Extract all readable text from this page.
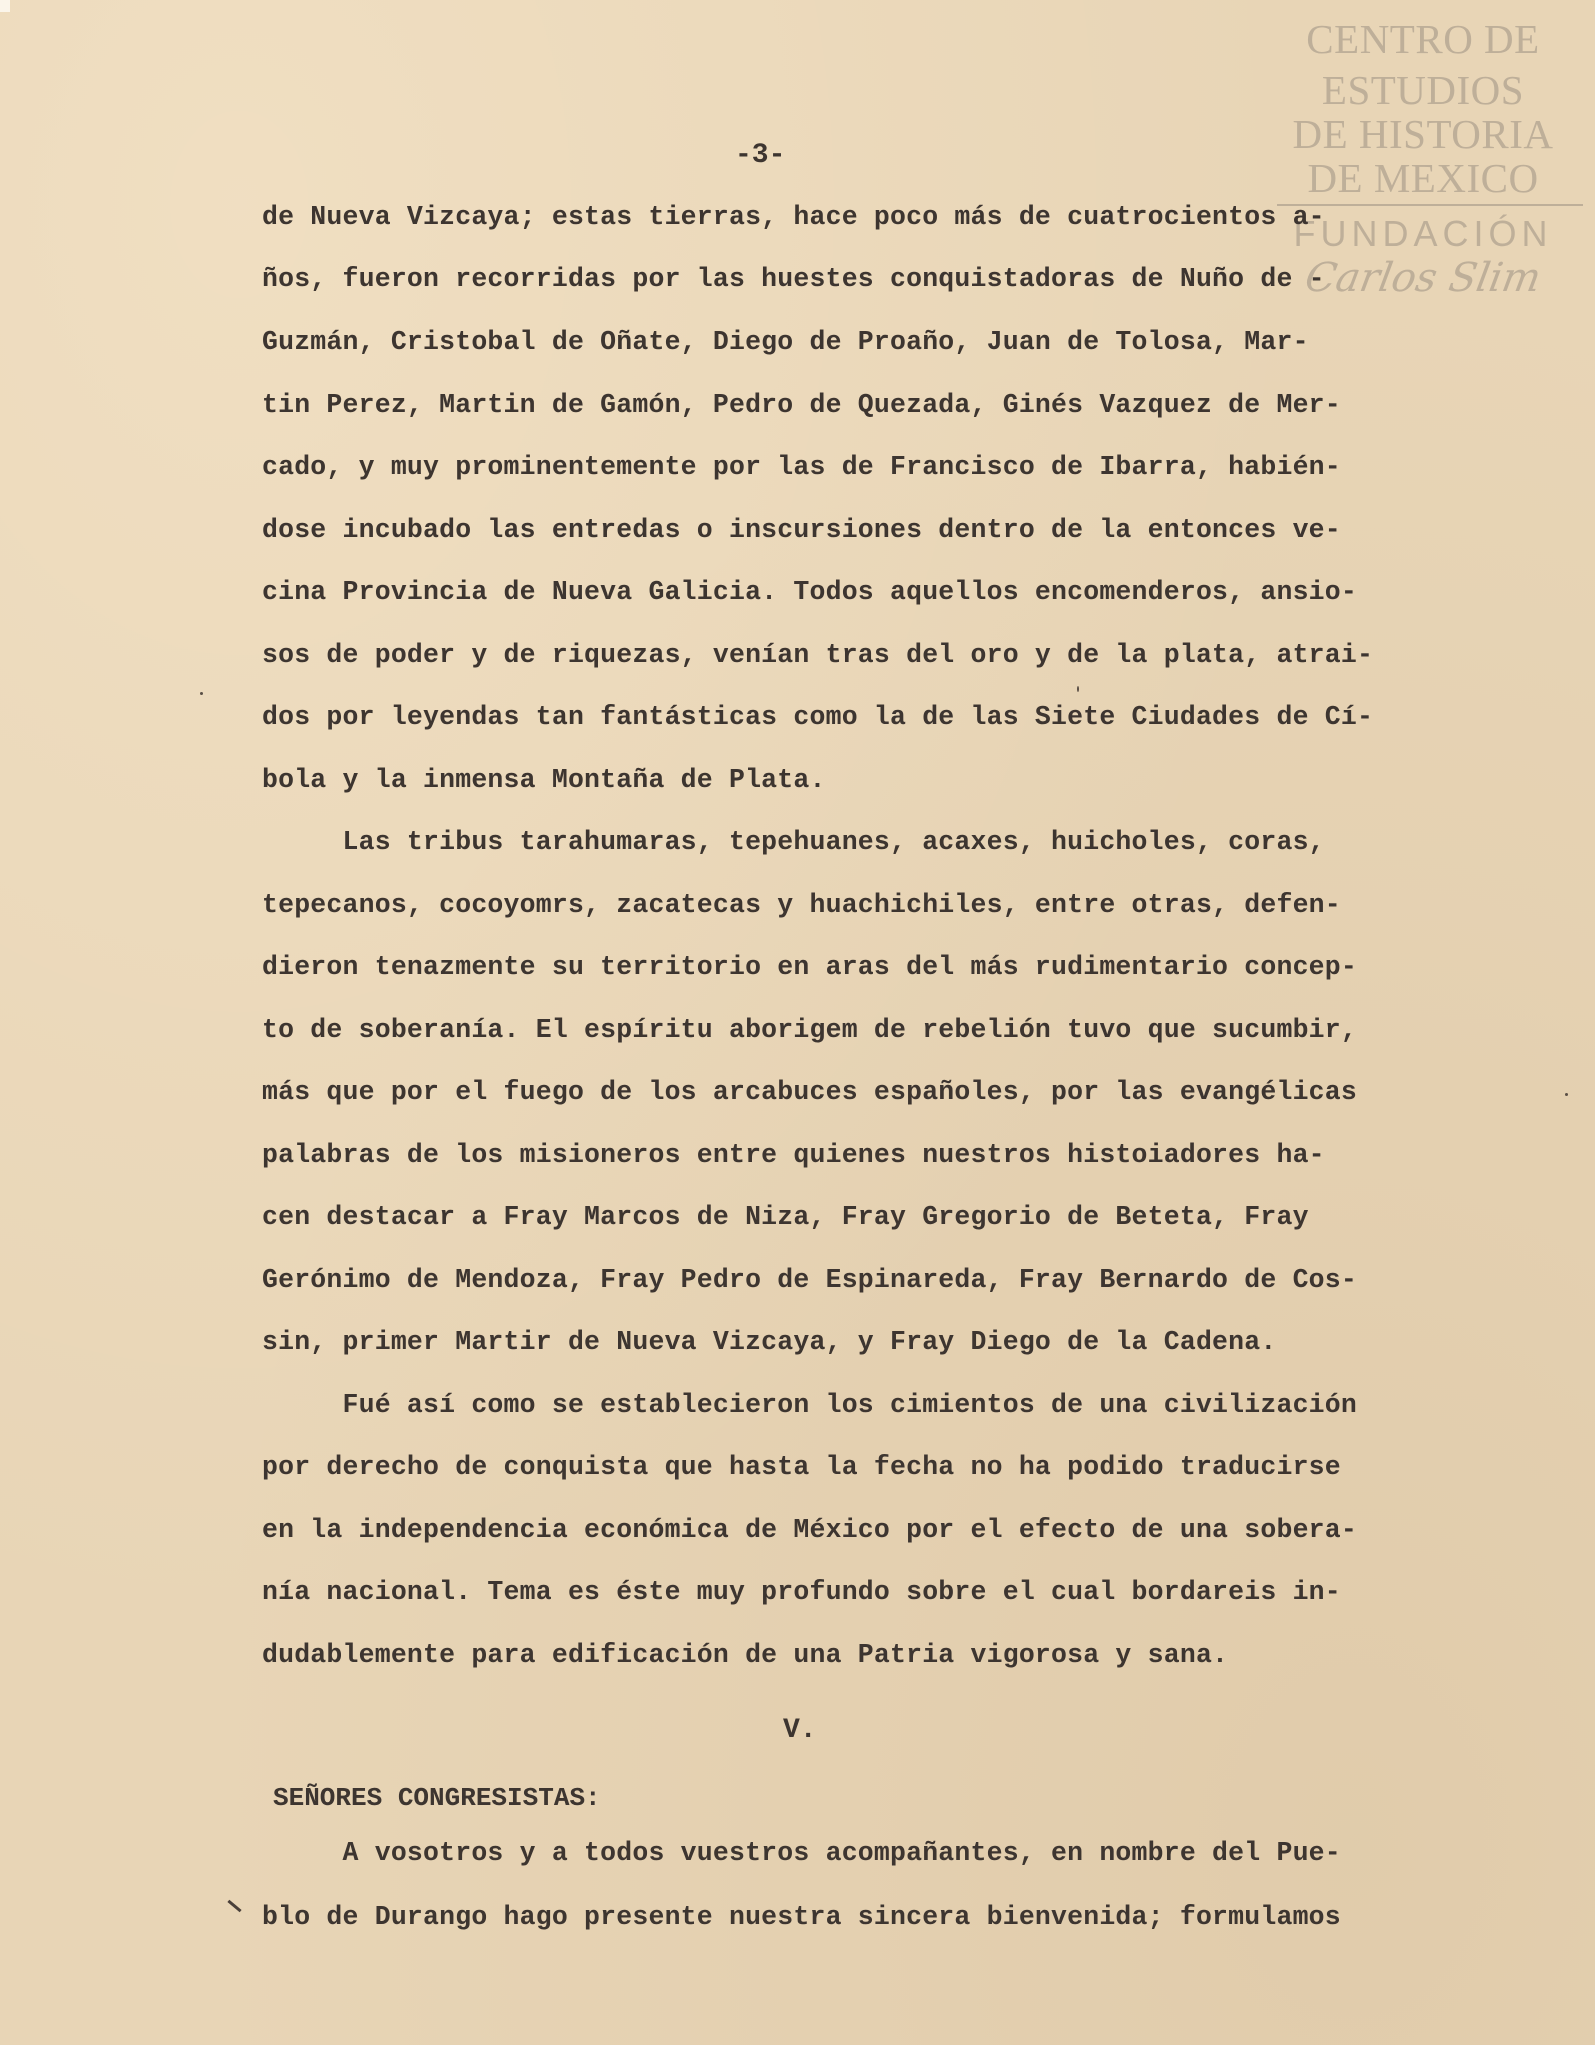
CENTRO DE
ESTUDIOS
DE HISTORIA
DE MEXICO
FUNDACIÓN
Carlos Slim
-3-
de Nueva Vizcaya; estas tierras, hace poco más de cuatrocientos a-
ños, fueron recorridas por las huestes conquistadoras de Nuño de -
Guzmán, Cristobal de Oñate, Diego de Proaño, Juan de Tolosa, Mar-
tin Perez, Martin de Gamón, Pedro de Quezada, Ginés Vazquez de Mer-
cado, y muy prominentemente por las de Francisco de Ibarra, habién-
dose incubado las entredas o inscursiones dentro de la entonces ve-
cina Provincia de Nueva Galicia. Todos aquellos encomenderos, ansio-
sos de poder y de riquezas, venían tras del oro y de la plata, atrai-
dos por leyendas tan fantásticas como la de las Siete Ciudades de Cí-
bola y la inmensa Montaña de Plata.
Las tribus tarahumaras, tepehuanes, acaxes, huicholes, coras,
tepecanos, cocoyomrs, zacatecas y huachichiles, entre otras, defen-
dieron tenazmente su territorio en aras del más rudimentario concep-
to de soberanía. El espíritu aborigem de rebelión tuvo que sucumbir,
más que por el fuego de los arcabuces españoles, por las evangélicas
palabras de los misioneros entre quienes nuestros histoiadores ha-
cen destacar a Fray Marcos de Niza, Fray Gregorio de Beteta, Fray
Gerónimo de Mendoza, Fray Pedro de Espinareda, Fray Bernardo de Cos-
sin, primer Martir de Nueva Vizcaya, y Fray Diego de la Cadena.
Fué así como se establecieron los cimientos de una civilización
por derecho de conquista que hasta la fecha no ha podido traducirse
en la independencia económica de México por el efecto de una sobera-
nía nacional. Tema es éste muy profundo sobre el cual bordareis in-
dudablemente para edificación de una Patria vigorosa y sana.
V.
SEÑORES CONGRESISTAS:
A vosotros y a todos vuestros acompañantes, en nombre del Pue-
blo de Durango hago presente nuestra sincera bienvenida; formulamos
